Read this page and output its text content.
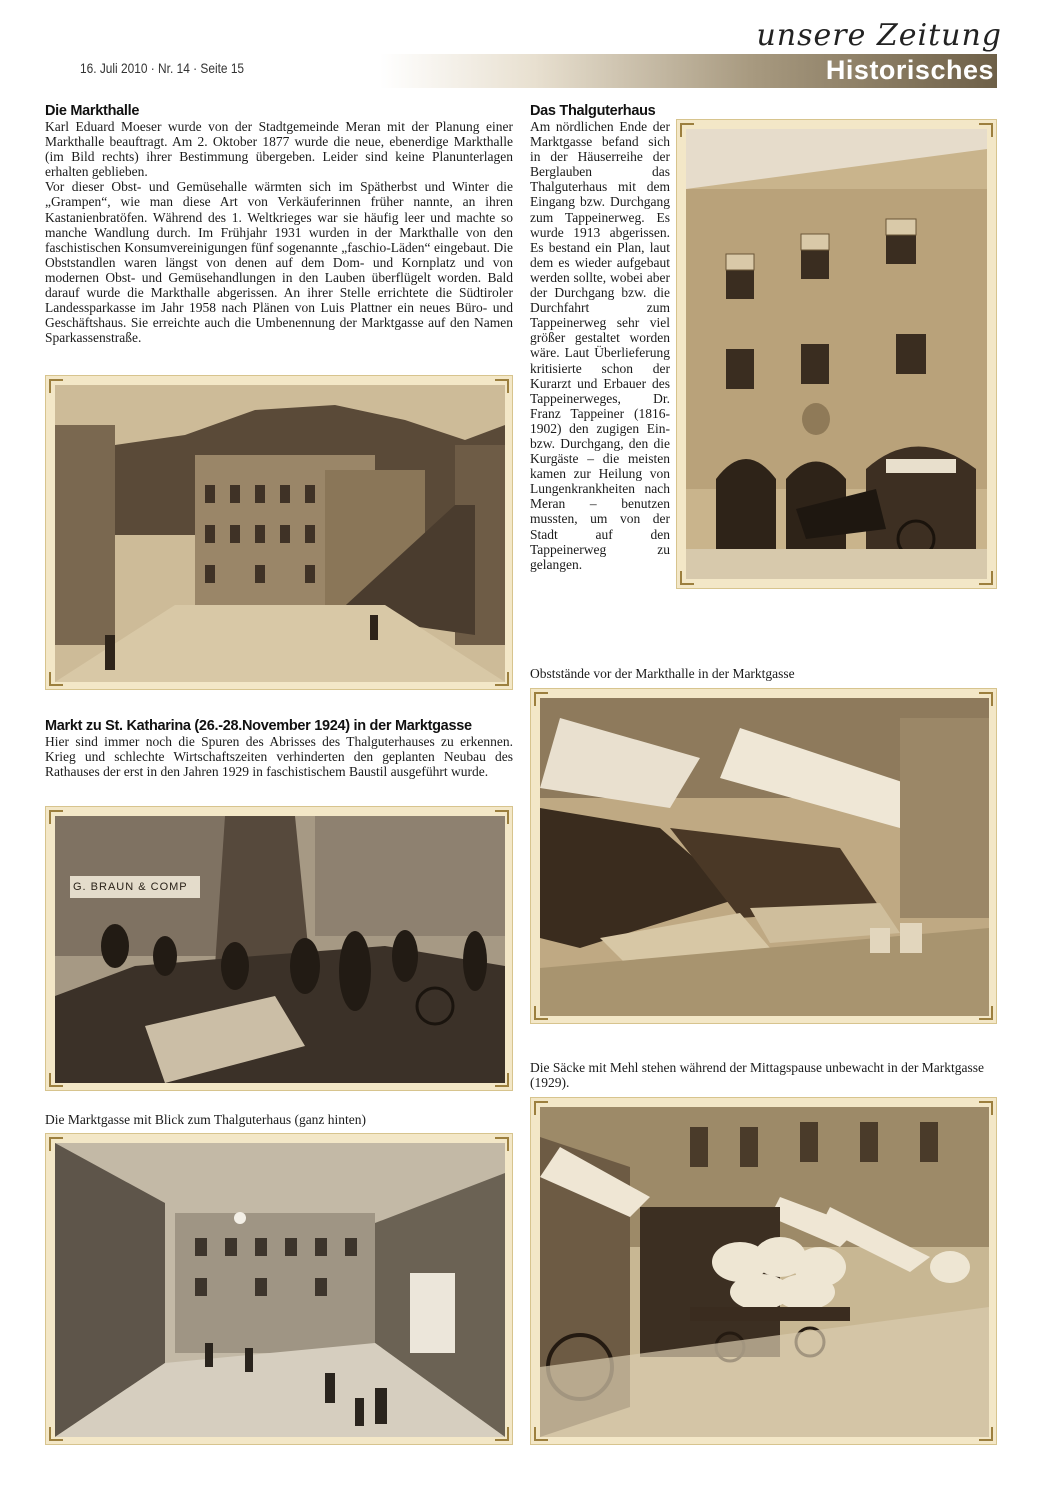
unsere Zeitung
16. Juli 2010 · Nr. 14 · Seite 15	Historisches
Die Markthalle

Karl Eduard Moeser wurde von der Stadtgemeinde Meran mit der Planung einer Markthalle beauftragt. Am 2. Oktober 1877 wurde die neue, ebenerdige Markthalle (im Bild rechts) ihrer Bestimmung übergeben. Leider sind keine Planunterlagen erhalten geblieben.

Vor dieser Obst- und Gemüsehalle wärmten sich im Spätherbst und Winter die „Grampen“, wie man diese Art von Verkäuferinnen früher nannte, an ihren Kastanienbratöfen. Während des 1. Weltkrieges war sie häufig leer und machte so manche Wandlung durch. Im Frühjahr 1931 wurden in der Markthalle von den faschistischen Konsumvereinigungen fünf sogenannte „faschio-Läden“ eingebaut. Die Obststandlen waren längst von denen auf dem Dom- und Kornplatz und von modernen Obst- und Gemüsehandlungen in den Lauben überflügelt worden. Bald darauf wurde die Markthalle abgerissen. An ihrer Stelle errichtete die Südtiroler Landessparkasse im Jahr 1958 nach Plänen von Luis Plattner ein neues Büro- und Geschäftshaus. Sie erreichte auch die Umbenennung der Marktgasse auf den Namen Sparkassenstraße.

Markt zu St. Katharina (26.-28.November 1924) in der Marktgasse
Hier sind immer noch die Spuren des Abrisses des Thalguterhauses zu erkennen. Krieg und schlechte Wirtschaftszeiten verhinderten den geplanten Neubau des Rathauses der erst in den Jahren 1929 in faschistischem Baustil ausgeführt wurde.
G. BRAUN & COMP
Die Marktgasse mit Blick zum Thalguterhaus (ganz hinten)
Das Thalguterhaus
Am nördlichen Ende der Marktgasse befand sich in der Häuserreihe der Berglauben das Thalguterhaus mit dem Eingang bzw. Durchgang zum Tappeinerweg. Es wurde 1913 abgerissen. Es bestand ein Plan, laut dem es wieder aufgebaut werden sollte, wobei aber der Durchgang bzw. die Durchfahrt zum Tappeinerweg sehr viel größer gestaltet worden wäre. Laut Überlieferung kritisierte schon der Kurarzt und Erbauer des Tappeinerweges, Dr. Franz Tappeiner (1816-1902) den zugigen Ein- bzw. Durchgang, den die Kurgäste – die meisten kamen zur Heilung von Lungenkrankheiten nach Meran – benutzen mussten, um von der Stadt auf den Tappeinerweg zu gelangen.
Obststände vor der Markthalle in der Marktgasse
Die Säcke mit Mehl stehen während der Mittagspause unbewacht in der Marktgasse (1929).
